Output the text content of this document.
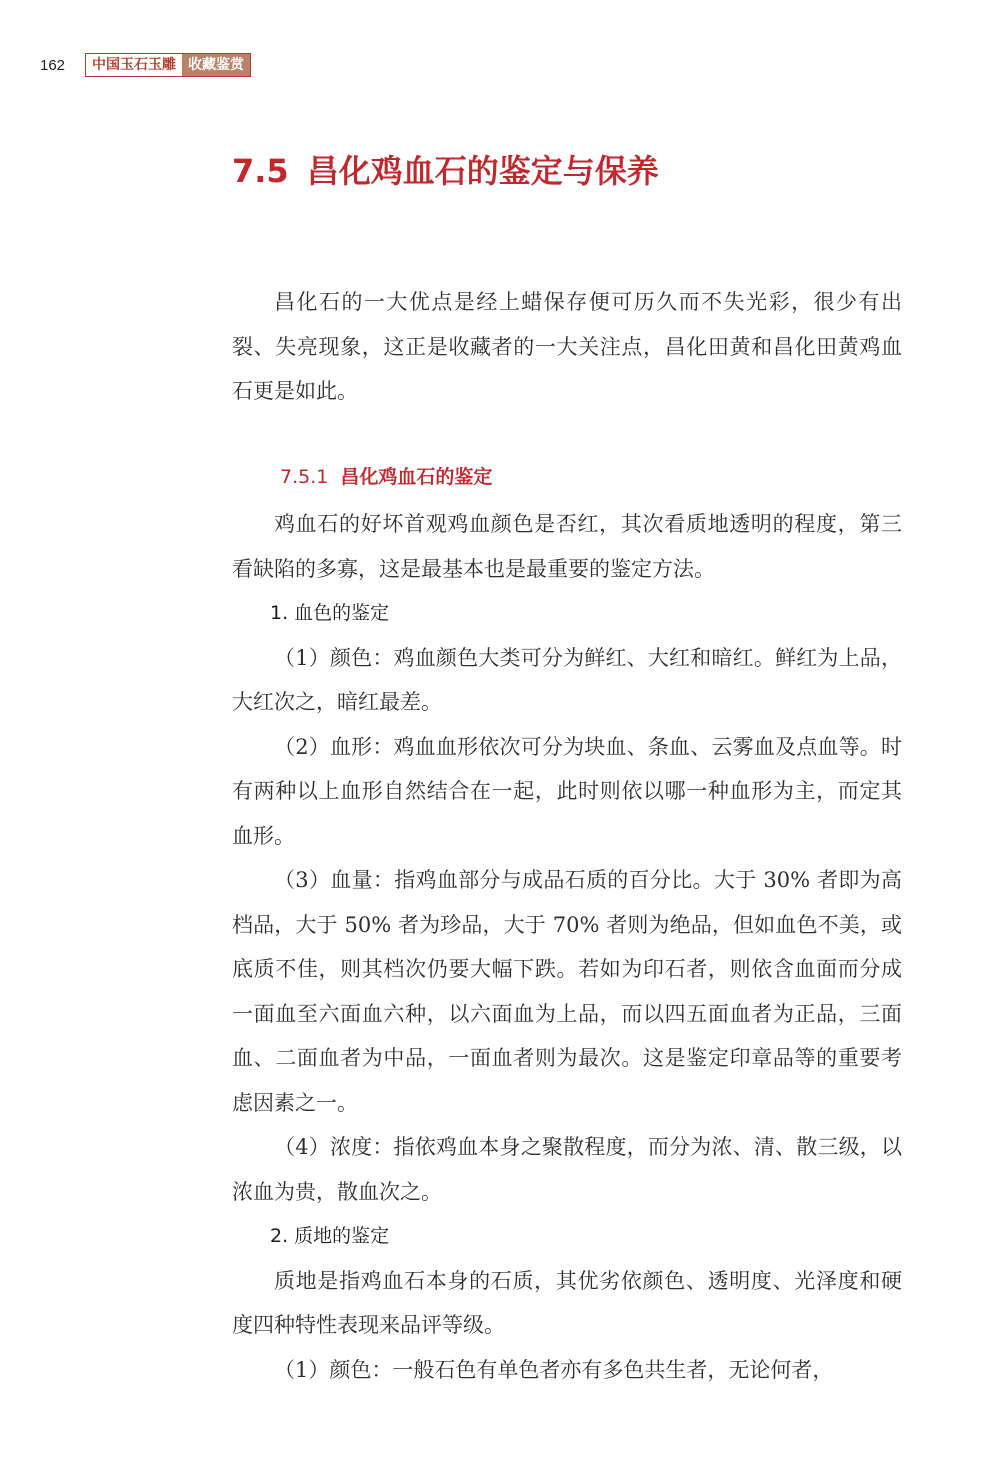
162	中国玉石玉雕 收藏鉴赏
7.5 昌化鸡血石的鉴定与保养

昌化石的一大优点是经上蜡保存便可历久而不失光彩，很少有出裂、失亮现象，这正是收藏者的一大关注点，昌化田黄和昌化田黄鸡血石更是如此。

7.5.1 昌化鸡血石的鉴定

鸡血石的好坏首观鸡血颜色是否红，其次看质地透明的程度，第三看缺陷的多寡，这是最基本也是最重要的鉴定方法。

1. 血色的鉴定

（1）颜色：鸡血颜色大类可分为鲜红、大红和暗红。鲜红为上品，大红次之，暗红最差。

（2）血形：鸡血血形依次可分为块血、条血、云雾血及点血等。时有两种以上血形自然结合在一起，此时则依以哪一种血形为主，而定其血形。

（3）血量：指鸡血部分与成品石质的百分比。大于 30% 者即为高档品，大于 50% 者为珍品，大于 70% 者则为绝品，但如血色不美，或底质不佳，则其档次仍要大幅下跌。若如为印石者，则依含血面而分成一面血至六面血六种，以六面血为上品，而以四五面血者为正品，三面血、二面血者为中品，一面血者则为最次。这是鉴定印章品等的重要考虑因素之一。

（4）浓度：指依鸡血本身之聚散程度，而分为浓、清、散三级，以浓血为贵，散血次之。

2. 质地的鉴定

质地是指鸡血石本身的石质，其优劣依颜色、透明度、光泽度和硬度四种特性表现来品评等级。

（1）颜色：一般石色有单色者亦有多色共生者，无论何者，
